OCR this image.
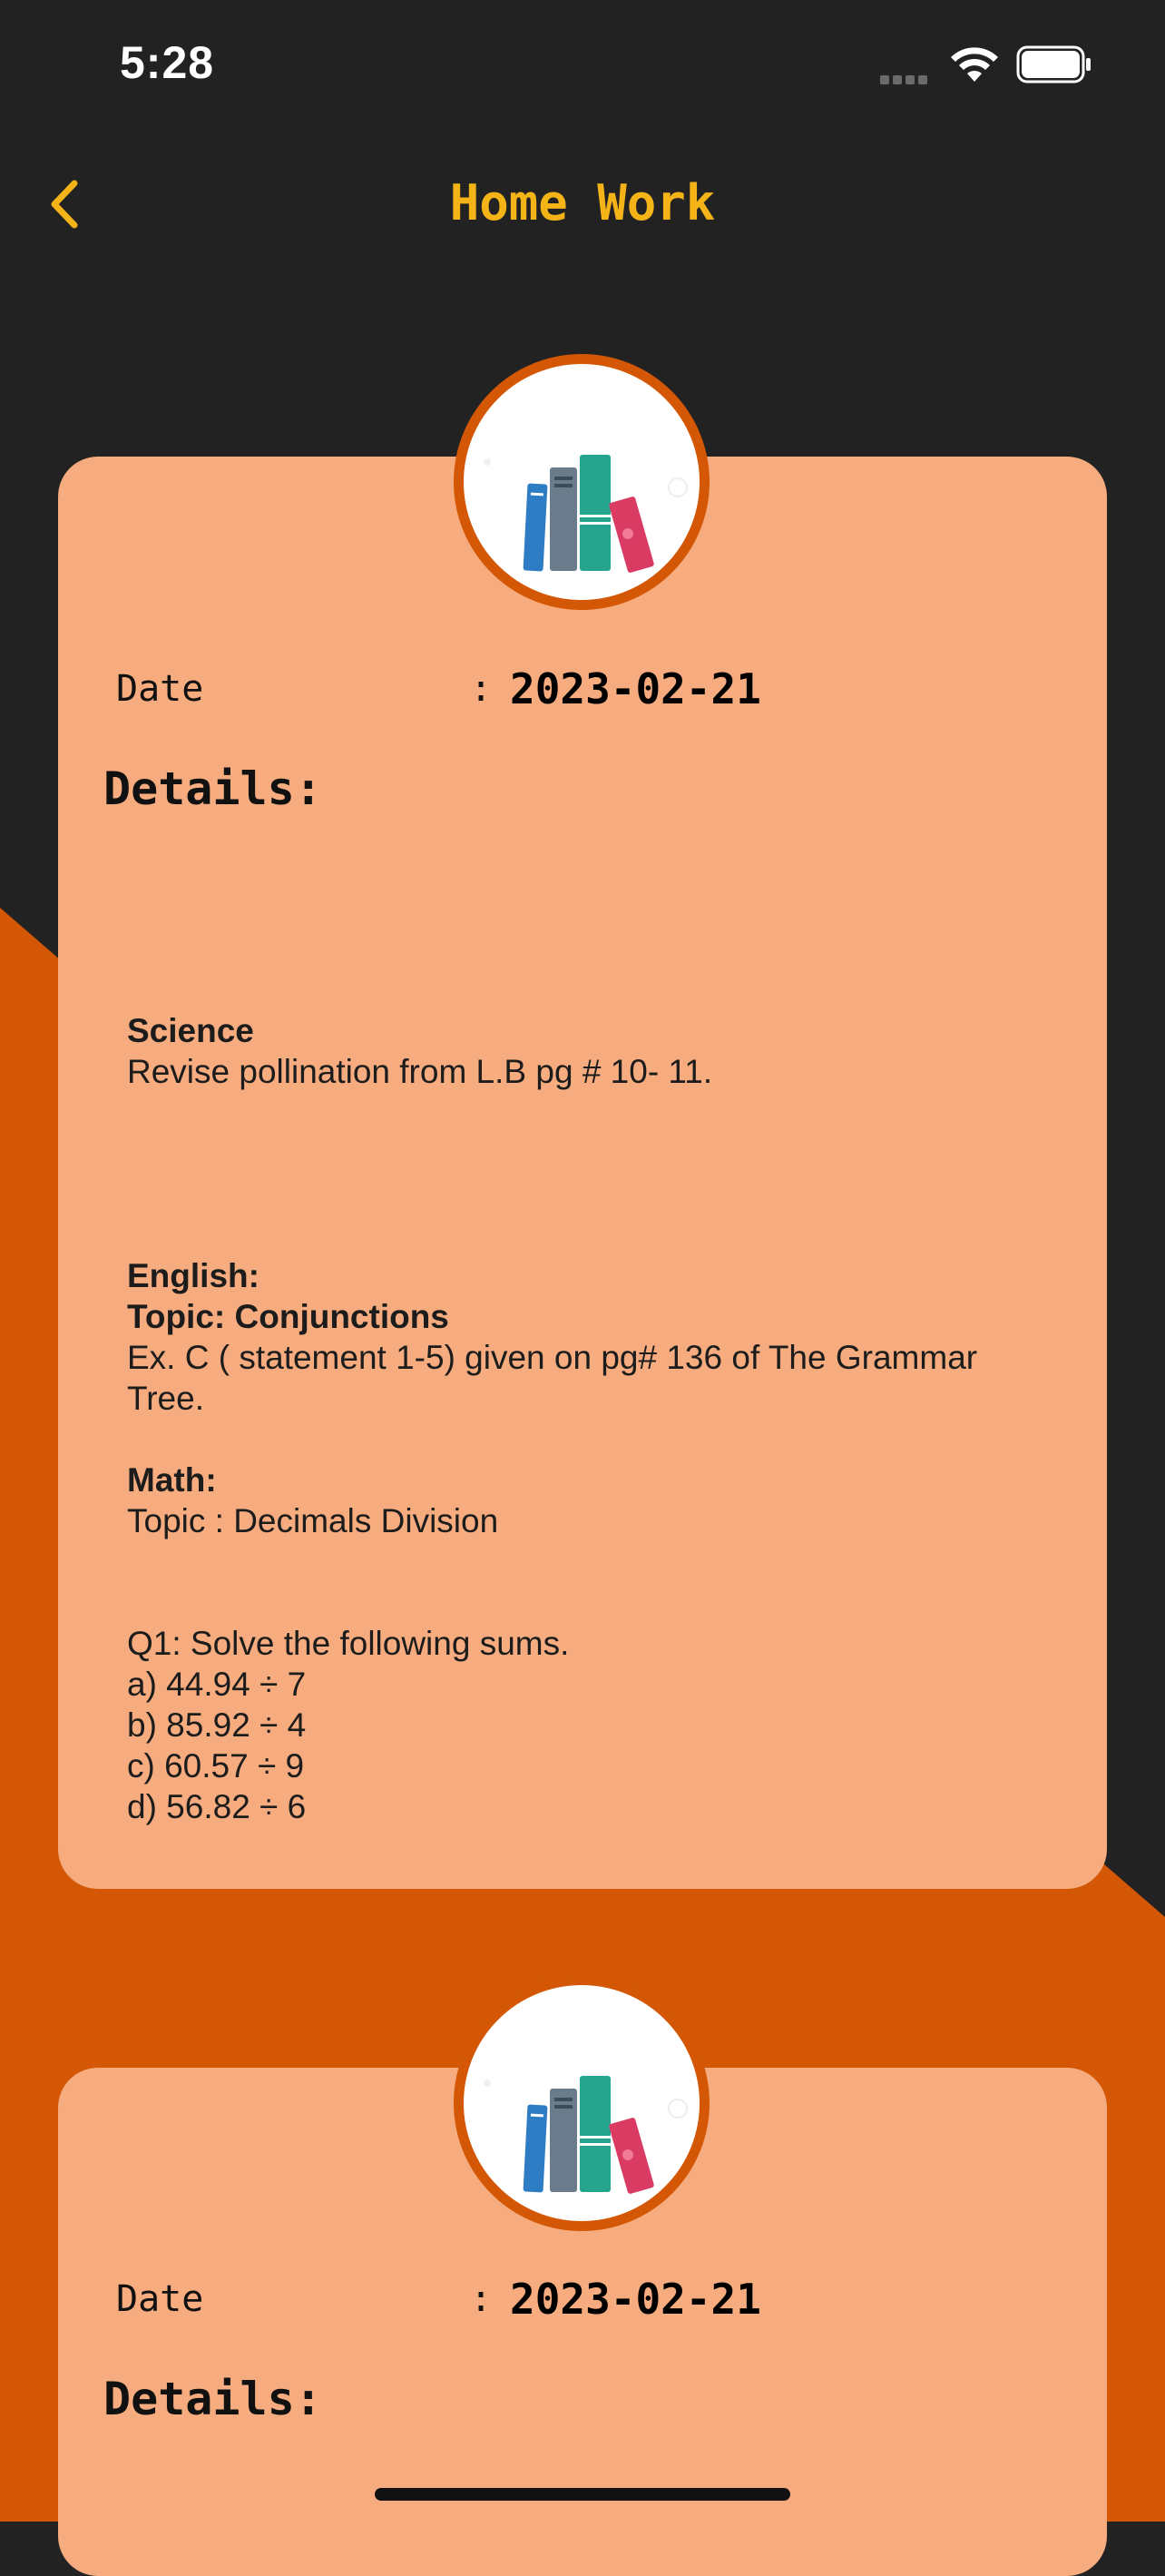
5:28
Home Work
Date	: 2023-02-21
Details:
Science
Revise pollination from L.B pg # 10- 11.
English:
Topic: Conjunctions
Ex. C ( statement 1-5) given on pg# 136 of The Grammar
Tree.
Math:
Topic : Decimals Division
Q1: Solve the following sums.
a) 44.94 ÷ 7
b) 85.92 ÷ 4
c) 60.57 ÷ 9
d) 56.82 ÷ 6
Date	: 2023-02-21
Details:
